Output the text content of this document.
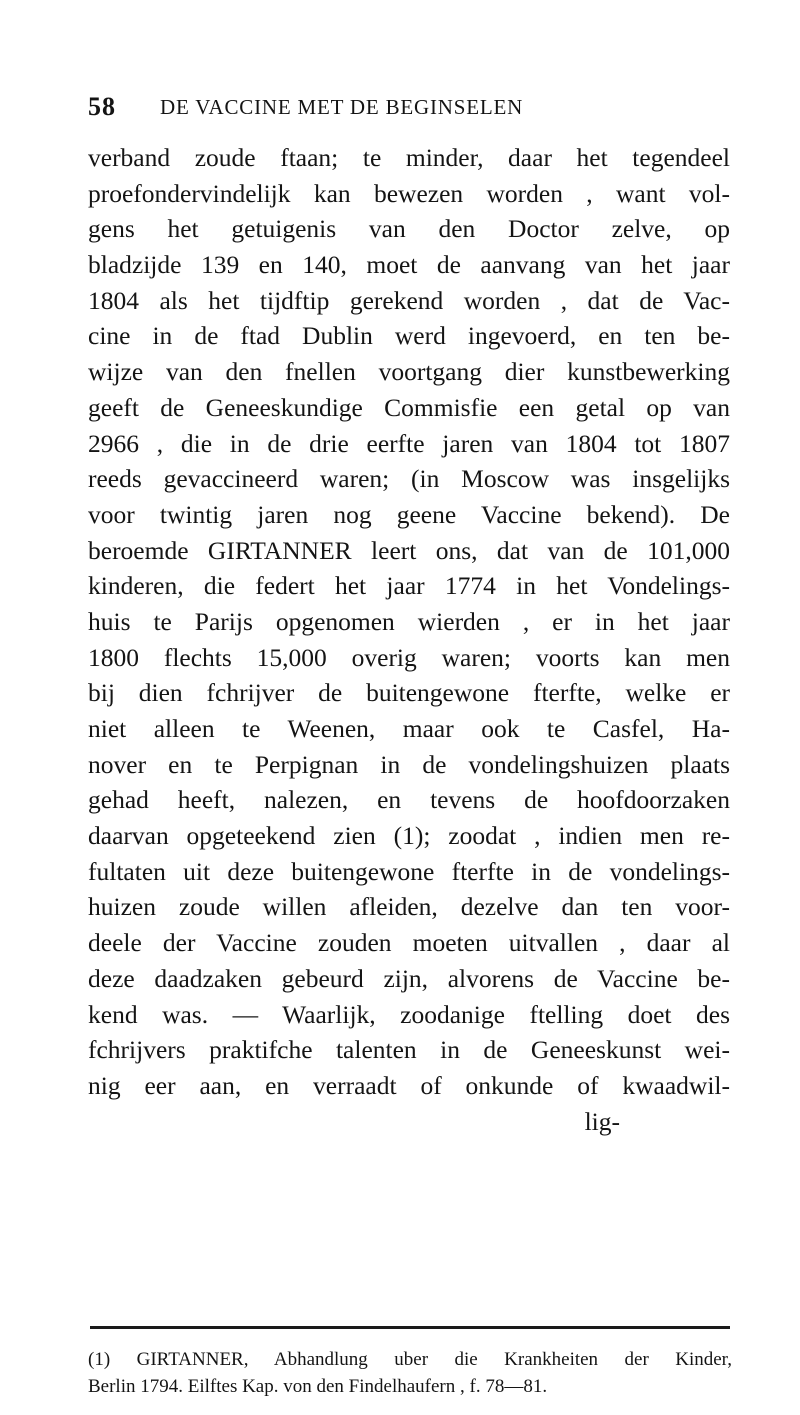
58 DE VACCINE MET DE BEGINSELEN
verband zoude ftaan; te minder, daar het tegendeel
proefondervindelijk kan bewezen worden , want vol-
gens het getuigenis van den Doctor zelve, op
bladzijde 139 en 140, moet de aanvang van het jaar
1804 als het tijdftip gerekend worden , dat de Vac-
cine in de ftad Dublin werd ingevoerd, en ten be-
wijze van den fnellen voortgang dier kunstbewerking
geeft de Geneeskundige Commisfie een getal op van
2966 , die in de drie eerfte jaren van 1804 tot 1807
reeds gevaccineerd waren; (in Moscow was insgelijks
voor twintig jaren nog geene Vaccine bekend). De
beroemde GIRTANNER leert ons, dat van de 101,000
kinderen, die federt het jaar 1774 in het Vondelings-
huis te Parijs opgenomen wierden , er in het jaar
1800 flechts 15,000 overig waren; voorts kan men
bij dien fchrijver de buitengewone fterfte, welke er
niet alleen te Weenen, maar ook te Casfel, Ha-
nover en te Perpignan in de vondelingshuizen plaats
gehad heeft, nalezen, en tevens de hoofdoorzaken
daarvan opgeteekend zien (1); zoodat , indien men re-
fultaten uit deze buitengewone fterfte in de vondelings-
huizen zoude willen afleiden, dezelve dan ten voor-
deele der Vaccine zouden moeten uitvallen , daar al
deze daadzaken gebeurd zijn, alvorens de Vaccine be-
kend was. — Waarlijk, zoodanige ftelling doet des
fchrijvers praktifche talenten in de Geneeskunst wei-
nig eer aan, en verraadt of onkunde of kwaadwil-
lig-
(1) GIRTANNER, Abhandlung uber die Krankheiten der Kinder,
Berlin 1794. Eilftes Kap. von den Findelhaufern , f. 78—81.
